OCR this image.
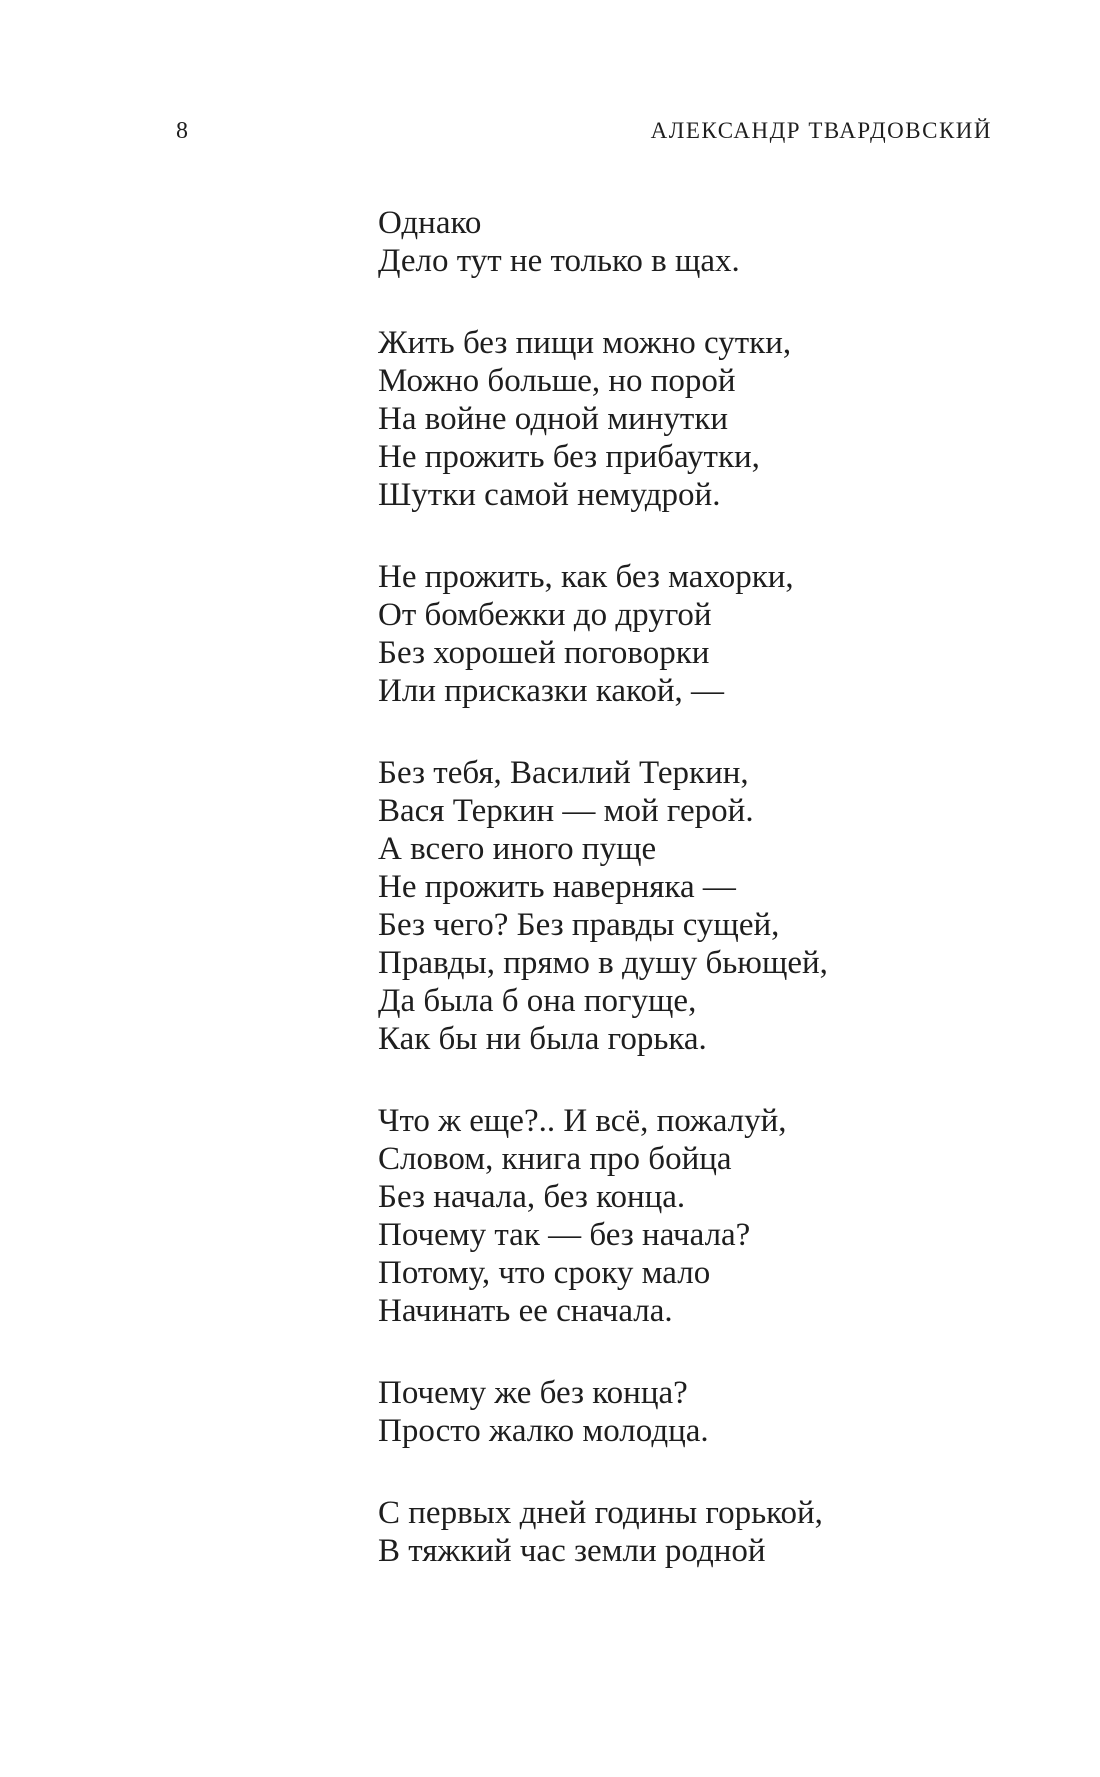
8	АЛЕКСАНДР ТВАРДОВСКИЙ
Однако
Дело тут не только в щах.
Жить без пищи можно сутки,
Можно больше, но порой
На войне одной минутки
Не прожить без прибаутки,
Шутки самой немудрой.
Не прожить, как без махорки,
От бомбежки до другой
Без хорошей поговорки
Или присказки какой, —
Без тебя, Василий Теркин,
Вася Теркин — мой герой.
А всего иного пуще
Не прожить наверняка —
Без чего? Без правды сущей,
Правды, прямо в душу бьющей,
Да была б она погуще,
Как бы ни была горька.
Что ж еще?.. И всё, пожалуй,
Словом, книга про бойца
Без начала, без конца.
Почему так — без начала?
Потому, что сроку мало
Начинать ее сначала.
Почему же без конца?
Просто жалко молодца.
С первых дней годины горькой,
В тяжкий час земли родной
